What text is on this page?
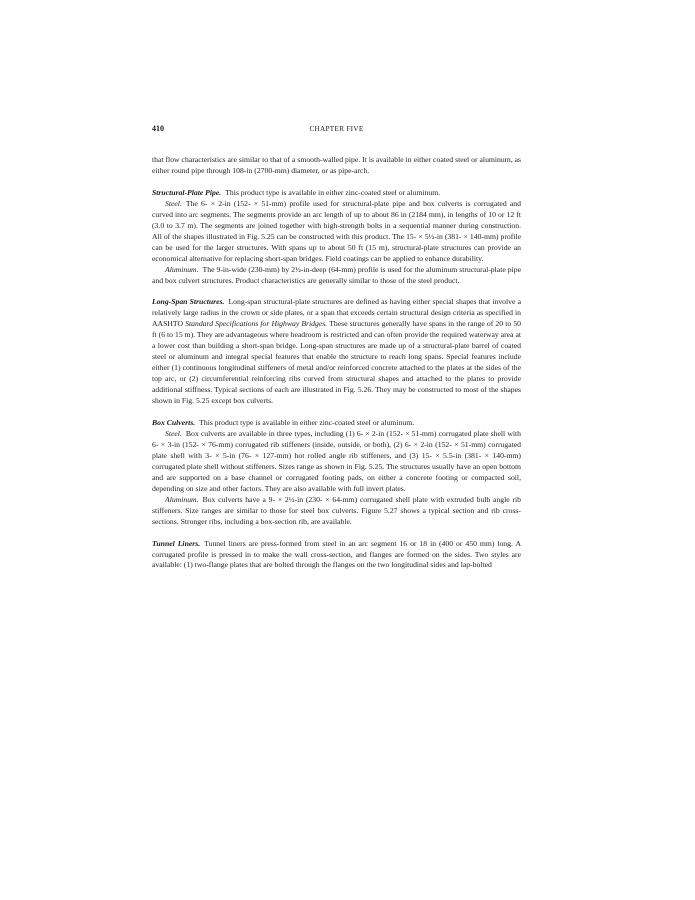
410	CHAPTER FIVE

that flow characteristics are similar to that of a smooth-walled pipe. It is available in either coated steel or aluminum, as either round pipe through 108-in (2700-mm) diameter, or as pipe-arch.

Structural-Plate Pipe. This product type is available in either zinc-coated steel or aluminum.

Steel. The 6- × 2-in (152- × 51-mm) profile used for structural-plate pipe and box culverts is corrugated and curved into arc segments. The segments provide an arc length of up to about 86 in (2184 mm), in lengths of 10 or 12 ft (3.0 to 3.7 m). The segments are joined together with high-strength bolts in a sequential manner during construction. All of the shapes illustrated in Fig. 5.25 can be constructed with this product. The 15- × 5½-in (381- × 140-mm) profile can be used for the larger structures. With spans up to about 50 ft (15 m), structural-plate structures can provide an economical alternative for replacing short-span bridges. Field coatings can be applied to enhance durability.

Aluminum. The 9-in-wide (230-mm) by 2½-in-deep (64-mm) profile is used for the aluminum structural-plate pipe and box culvert structures. Product characteristics are generally similar to those of the steel product.

Long-Span Structures. Long-span structural-plate structures are defined as having either special shapes that involve a relatively large radius in the crown or side plates, or a span that exceeds certain structural design criteria as specified in AASHTO Standard Specifications for Highway Bridges. These structures generally have spans in the range of 20 to 50 ft (6 to 15 m). They are advantageous where headroom is restricted and can often provide the required waterway area at a lower cost than building a short-span bridge. Long-span structures are made up of a structural-plate barrel of coated steel or aluminum and integral special features that enable the structure to reach long spans. Special features include either (1) continuous longitudinal stiffeners of metal and/or reinforced concrete attached to the plates at the sides of the top arc, or (2) circumferential reinforcing ribs curved from structural shapes and attached to the plates to provide additional stiffness. Typical sections of each are illustrated in Fig. 5.26. They may be constructed to most of the shapes shown in Fig. 5.25 except box culverts.

Box Culverts. This product type is available in either zinc-coated steel or aluminum.

Steel. Box culverts are available in three types, including (1) 6- × 2-in (152- × 51-mm) corrugated plate shell with 6- × 3-in (152- × 76-mm) corrugated rib stiffeners (inside, outside, or both), (2) 6- × 2-in (152- × 51-mm) corrugated plate shell with 3- × 5-in (76- × 127-mm) hot rolled angle rib stiffeners, and (3) 15- × 5.5-in (381- × 140-mm) corrugated plate shell without stiffeners. Sizes range as shown in Fig. 5.25. The structures usually have an open bottom and are supported on a base channel or corrugated footing pads, on either a concrete footing or compacted soil, depending on size and other factors. They are also available with full invert plates.

Aluminum. Box culverts have a 9- × 2½-in (230- × 64-mm) corrugated shell plate with extruded bulb angle rib stiffeners. Size ranges are similar to those for steel box culverts. Figure 5.27 shows a typical section and rib cross-sections. Stronger ribs, including a box-section rib, are available.

Tunnel Liners. Tunnel liners are press-formed from steel in an arc segment 16 or 18 in (400 or 450 mm) long. A corrugated profile is pressed in to make the wall cross-section, and flanges are formed on the sides. Two styles are available: (1) two-flange plates that are bolted through the flanges on the two longitudinal sides and lap-bolted
